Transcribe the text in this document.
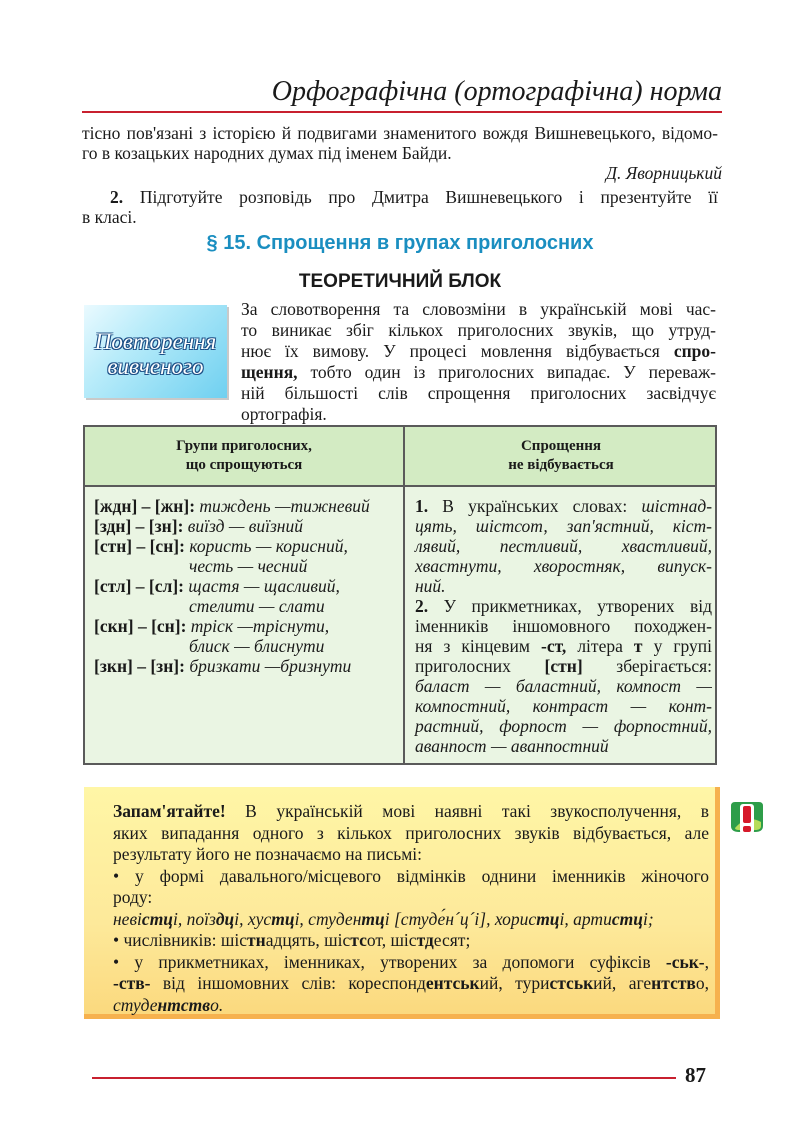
Орфографічна (ортографічна) норма
тісно пов'язані з історією й подвигами знаменитого вождя Вишневецького, відомо-
го в козацьких народних думах під іменем Байди.
Д. Яворницький
2. Підготуйте розповідь про Дмитра Вишневецького і презентуйте її
в класі.
§ 15. Спрощення в групах приголосних
ТЕОРЕТИЧНИЙ БЛОК
Повторення
вивченого
За словотворення та словозміни в українській мові час-
то виникає збіг кількох приголосних звуків, що утруд-
нює їх вимову. У процесі мовлення відбувається спро-
щення, тобто один із приголосних випадає. У переваж-
ній більшості слів спрощення приголосних засвідчує
ортографія.
Групи приголосних,
що спрощуються
Спрощення
не відбувається
[ждн] – [жн]: тиждень —тижневий
[здн] – [зн]: виїзд — виїзний
[стн] – [сн]: користь — корисний,
честь — чесний
[стл] – [сл]: щастя — щасливий,
стелити — слати
[скн] – [сн]: тріск —тріснути,
блиск — блиснути
[зкн] – [зн]: бризкати —бризнути
1. В українських словах: шістнад-
цять, шістсот, зап'ястний, кіст-
лявий, пестливий, хвастливий,
хвастнути, хворостняк, випуск-
ний.
2. У прикметниках, утворених від
іменників іншомовного походжен-
ня з кінцевим -ст, літера т у групі
приголосних [стн] зберігається:
баласт — баластний, компост —
компостний, контраст — конт-
растний, форпост — форпостний,
аванпост — аванпостний
Запам'ятайте! В українській мові наявні такі звукосполучення, в
яких випадання одного з кількох приголосних звуків відбувається, але
результату його не позначаємо на письмі:
• у формі давального/місцевого відмінків однини іменників жіночого
роду:
невістці, поїздці, хустці, студентці [студе́н´ц´і], хористці, артистці;
• числівників: шістнадцять, шістсот, шістдесят;
• у прикметниках, іменниках, утворених за допомоги суфіксів -ськ-,
-ств- від іншомовних слів: кореспондентський, туристський, агентство,
студентство.
87
